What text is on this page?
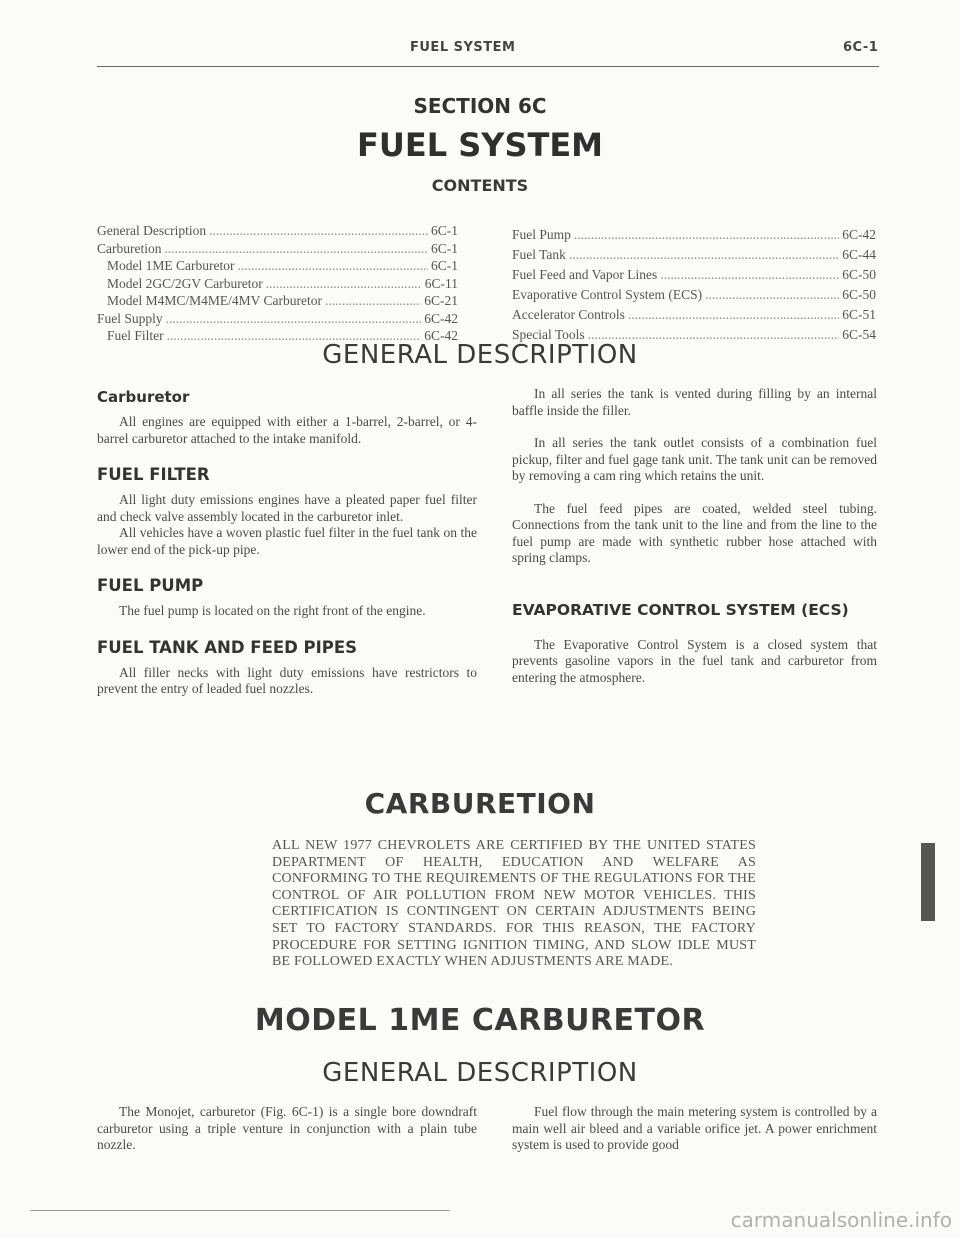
FUEL SYSTEM	6C-1
SECTION 6C
FUEL SYSTEM
CONTENTS
General Description .....	6C-1
Carburetion .....	6C-1
Model 1ME Carburetor .....	6C-1
Model 2GC/2GV Carburetor .....	6C-11
Model M4MC/M4ME/4MV Carburetor .....	6C-21
Fuel Supply .....	6C-42
Fuel Filter .....	6C-42
Fuel Pump .....	6C-42
Fuel Tank .....	6C-44
Fuel Feed and Vapor Lines .....	6C-50
Evaporative Control System (ECS) .....	6C-50
Accelerator Controls .....	6C-51
Special Tools .....	6C-54
GENERAL DESCRIPTION
Carburetor

All engines are equipped with either a 1-barrel, 2-barrel, or 4-barrel carburetor attached to the intake manifold.

FUEL FILTER

All light duty emissions engines have a pleated paper fuel filter and check valve assembly located in the carburetor inlet.

All vehicles have a woven plastic fuel filter in the fuel tank on the lower end of the pick-up pipe.

FUEL PUMP

The fuel pump is located on the right front of the engine.

FUEL TANK AND FEED PIPES

All filler necks with light duty emissions have restrictors to prevent the entry of leaded fuel nozzles.

In all series the tank is vented during filling by an internal baffle inside the filler.

In all series the tank outlet consists of a combination fuel pickup, filter and fuel gage tank unit. The tank unit can be removed by removing a cam ring which retains the unit.

The fuel feed pipes are coated, welded steel tubing. Connections from the tank unit to the line and from the line to the fuel pump are made with synthetic rubber hose attached with spring clamps.

EVAPORATIVE CONTROL SYSTEM (ECS)

The Evaporative Control System is a closed system that prevents gasoline vapors in the fuel tank and carburetor from entering the atmosphere.

CARBURETION
ALL NEW 1977 CHEVROLETS ARE CERTIFIED BY THE UNITED STATES DEPARTMENT OF HEALTH, EDUCATION AND WELFARE AS CONFORMING TO THE REQUIREMENTS OF THE REGULATIONS FOR THE CONTROL OF AIR POLLUTION FROM NEW MOTOR VEHICLES. THIS CERTIFICATION IS CONTINGENT ON CERTAIN ADJUSTMENTS BEING SET TO FACTORY STANDARDS. FOR THIS REASON, THE FACTORY PROCEDURE FOR SETTING IGNITION TIMING, AND SLOW IDLE MUST BE FOLLOWED EXACTLY WHEN ADJUSTMENTS ARE MADE.
MODEL 1ME CARBURETOR
GENERAL DESCRIPTION

The Monojet, carburetor (Fig. 6C-1) is a single bore downdraft carburetor using a triple venture in conjunction with a plain tube nozzle.

Fuel flow through the main metering system is controlled by a main well air bleed and a variable orifice jet. A power enrichment system is used to provide good

carmanualsonline.info
